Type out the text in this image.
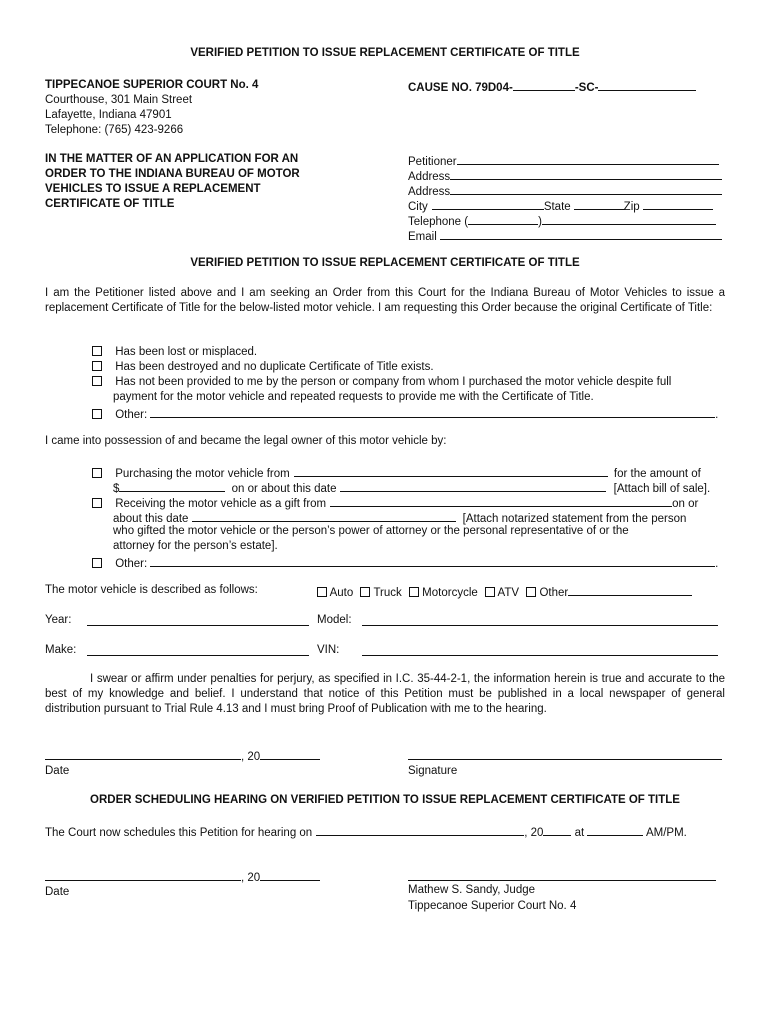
VERIFIED PETITION TO ISSUE REPLACEMENT CERTIFICATE OF TITLE
TIPPECANOE SUPERIOR COURT No. 4
Courthouse, 301 Main Street
Lafayette, Indiana 47901
Telephone: (765) 423-9266
CAUSE NO. 79D04-	-SC-
IN THE MATTER OF AN APPLICATION FOR AN
ORDER TO THE INDIANA BUREAU OF MOTOR
VEHICLES TO ISSUE A REPLACEMENT
CERTIFICATE OF TITLE
Petitioner
Address
Address
City	State	Zip
Telephone (	)
Email
VERIFIED PETITION TO ISSUE REPLACEMENT CERTIFICATE OF TITLE
I am the Petitioner listed above and I am seeking an Order from this Court for the Indiana Bureau of Motor Vehicles to issue a replacement Certificate of Title for the below-listed motor vehicle. I am requesting this Order because the original Certificate of Title:
Has been lost or misplaced.
Has been destroyed and no duplicate Certificate of Title exists.
Has not been provided to me by the person or company from whom I purchased the motor vehicle despite full
payment for the motor vehicle and repeated requests to provide me with the Certificate of Title.
Other:	.
I came into possession of and became the legal owner of this motor vehicle by:
Purchasing the motor vehicle from	for the amount of
$	on or about this date	[Attach bill of sale].
Receiving the motor vehicle as a gift from	on or
about this date	[Attach notarized statement from the person
who gifted the motor vehicle or the person’s power of attorney or the personal representative of or the
attorney for the person’s estate].
Other:	.
The motor vehicle is described as follows:	Auto Truck Motorcycle ATV Other
Year:	Model:
Make:	VIN:
I swear or affirm under penalties for perjury, as specified in I.C. 35-44-2-1, the information herein is true and accurate to the best of my knowledge and belief. I understand that notice of this Petition must be published in a local newspaper of general distribution pursuant to Trial Rule 4.13 and I must bring Proof of Publication with me to the hearing.
, 20
Date	Signature
ORDER SCHEDULING HEARING ON VERIFIED PETITION TO ISSUE REPLACEMENT CERTIFICATE OF TITLE
The Court now schedules this Petition for hearing on	, 20	at	AM/PM.
, 20
Date	Mathew S. Sandy, Judge
Tippecanoe Superior Court No. 4
